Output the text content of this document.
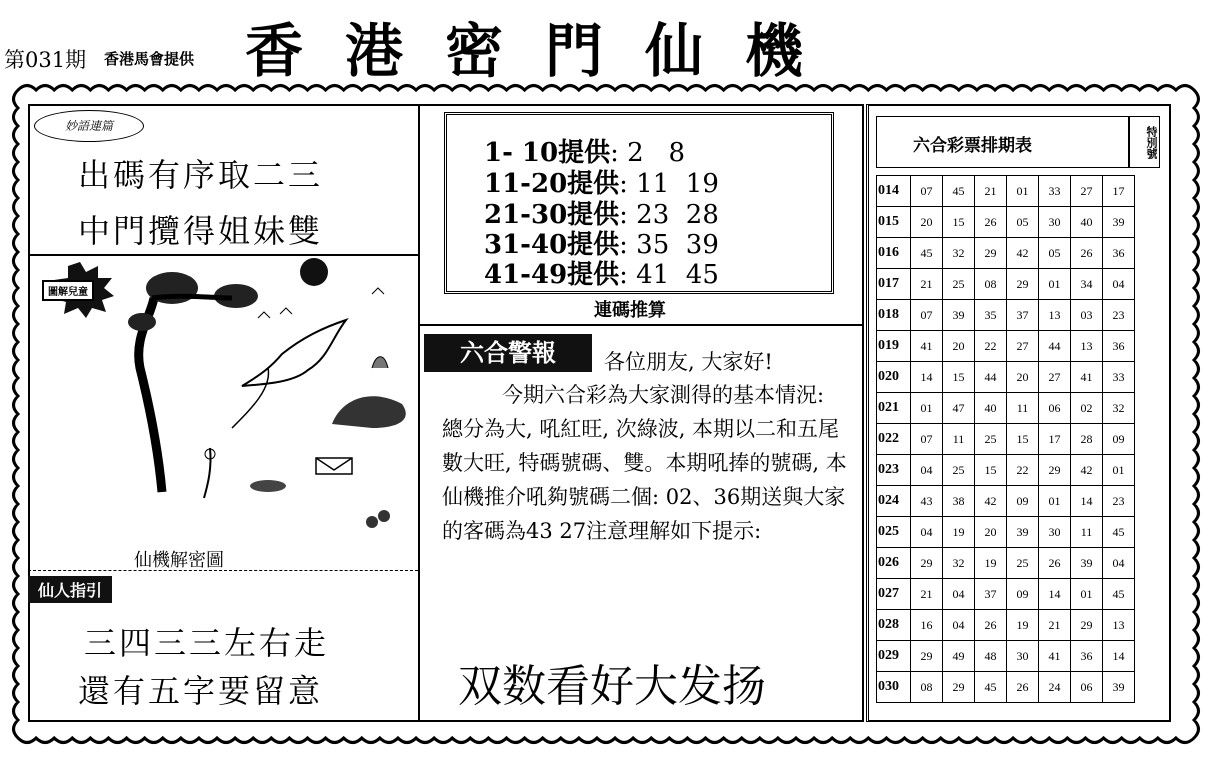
第031期 香港馬會提供 香港密門仙機
妙語連篇
出碼有序取二三
中門攬得姐妹雙
圖解兒童
仙機解密圖
仙人指引
三四三三左右走
還有五字要留意
1- 10提供: 2   8
11-20提供: 11  19
21-30提供: 23  28
31-40提供: 35  39
41-49提供: 41  45
連碼推算
六合警報	各位朋友, 大家好!
今期六合彩為大家測得的基本情況: 總分為大, 吼紅旺, 次綠波, 本期以二和五尾數大旺, 特碼號碼、雙。本期吼捧的號碼, 本仙機推介吼夠號碼二個: 02、36期送與大家的客碼為43 27注意理解如下提示:
双数看好大发扬
六合彩票排期表	特別號
014	07	45	21	01	33	27	17
015	20	15	26	05	30	40	39
016	45	32	29	42	05	26	36
017	21	25	08	29	01	34	04
018	07	39	35	37	13	03	23
019	41	20	22	27	44	13	36
020	14	15	44	20	27	41	33
021	01	47	40	11	06	02	32
022	07	11	25	15	17	28	09
023	04	25	15	22	29	42	01
024	43	38	42	09	01	14	23
025	04	19	20	39	30	11	45
026	29	32	19	25	26	39	04
027	21	04	37	09	14	01	45
028	16	04	26	19	21	29	13
029	29	49	48	30	41	36	14
030	08	29	45	26	24	06	39
